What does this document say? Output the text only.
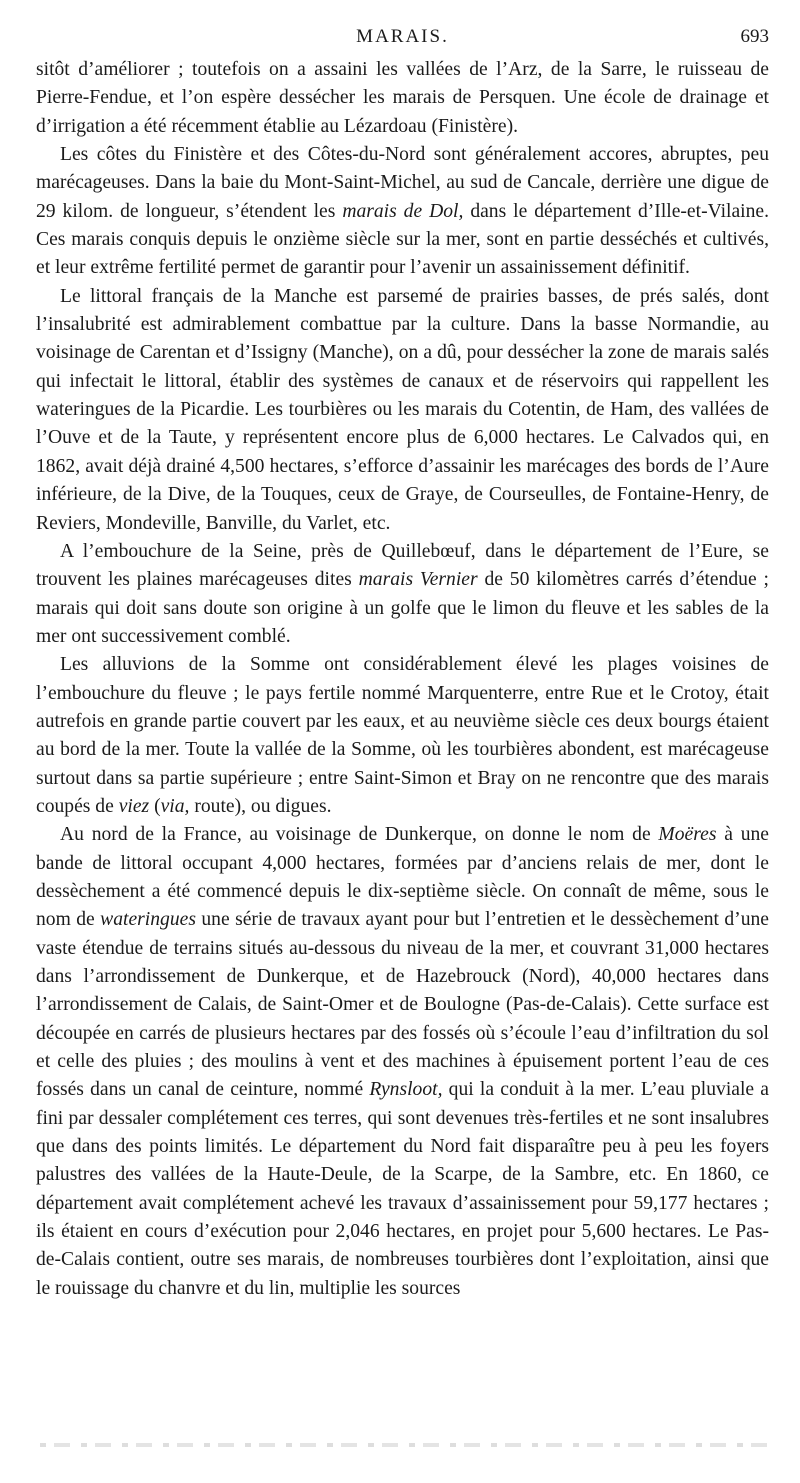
MARAIS.	693

sitôt d’améliorer ; toutefois on a assaini les vallées de l’Arz, de la Sarre, le ruisseau de Pierre-Fendue, et l’on espère dessécher les marais de Persquen. Une école de drainage et d’irrigation a été récemment établie au Lézardoau (Finistère).

Les côtes du Finistère et des Côtes-du-Nord sont généralement accores, abruptes, peu marécageuses. Dans la baie du Mont-Saint-Michel, au sud de Cancale, derrière une digue de 29 kilom. de longueur, s’étendent les marais de Dol, dans le département d’Ille-et-Vilaine. Ces marais conquis depuis le onzième siècle sur la mer, sont en partie desséchés et cultivés, et leur extrême fertilité permet de garantir pour l’avenir un assainissement définitif.

Le littoral français de la Manche est parsemé de prairies basses, de prés salés, dont l’insalubrité est admirablement combattue par la culture. Dans la basse Normandie, au voisinage de Carentan et d’Issigny (Manche), on a dû, pour dessécher la zone de marais salés qui infectait le littoral, établir des systèmes de canaux et de réservoirs qui rappellent les wateringues de la Picardie. Les tourbières ou les marais du Cotentin, de Ham, des vallées de l’Ouve et de la Taute, y représentent encore plus de 6,000 hectares. Le Calvados qui, en 1862, avait déjà drainé 4,500 hectares, s’efforce d’assainir les marécages des bords de l’Aure inférieure, de la Dive, de la Touques, ceux de Graye, de Courseulles, de Fontaine-Henry, de Reviers, Mondeville, Banville, du Varlet, etc.

A l’embouchure de la Seine, près de Quillebœuf, dans le département de l’Eure, se trouvent les plaines marécageuses dites marais Vernier de 50 kilomètres carrés d’étendue ; marais qui doit sans doute son origine à un golfe que le limon du fleuve et les sables de la mer ont successivement comblé.

Les alluvions de la Somme ont considérablement élevé les plages voisines de l’embouchure du fleuve ; le pays fertile nommé Marquenterre, entre Rue et le Crotoy, était autrefois en grande partie couvert par les eaux, et au neuvième siècle ces deux bourgs étaient au bord de la mer. Toute la vallée de la Somme, où les tourbières abondent, est marécageuse surtout dans sa partie supérieure ; entre Saint-Simon et Bray on ne rencontre que des marais coupés de viez (via, route), ou digues.

Au nord de la France, au voisinage de Dunkerque, on donne le nom de Moëres à une bande de littoral occupant 4,000 hectares, formées par d’anciens relais de mer, dont le dessèchement a été commencé depuis le dix-septième siècle. On connaît de même, sous le nom de wateringues une série de travaux ayant pour but l’entretien et le dessèchement d’une vaste étendue de terrains situés au-dessous du niveau de la mer, et couvrant 31,000 hectares dans l’arrondissement de Dunkerque, et de Hazebrouck (Nord), 40,000 hectares dans l’arrondissement de Calais, de Saint-Omer et de Boulogne (Pas-de-Calais). Cette surface est découpée en carrés de plusieurs hectares par des fossés où s’écoule l’eau d’infiltration du sol et celle des pluies ; des moulins à vent et des machines à épuisement portent l’eau de ces fossés dans un canal de ceinture, nommé Rynsloot, qui la conduit à la mer. L’eau pluviale a fini par dessaler complétement ces terres, qui sont devenues très-fertiles et ne sont insalubres que dans des points limités. Le département du Nord fait disparaître peu à peu les foyers palustres des vallées de la Haute-Deule, de la Scarpe, de la Sambre, etc. En 1860, ce département avait complétement achevé les travaux d’assainissement pour 59,177 hectares ; ils étaient en cours d’exécution pour 2,046 hectares, en projet pour 5,600 hectares. Le Pas-de-Calais contient, outre ses marais, de nombreuses tourbières dont l’exploitation, ainsi que le rouissage du chanvre et du lin, multiplie les sources
